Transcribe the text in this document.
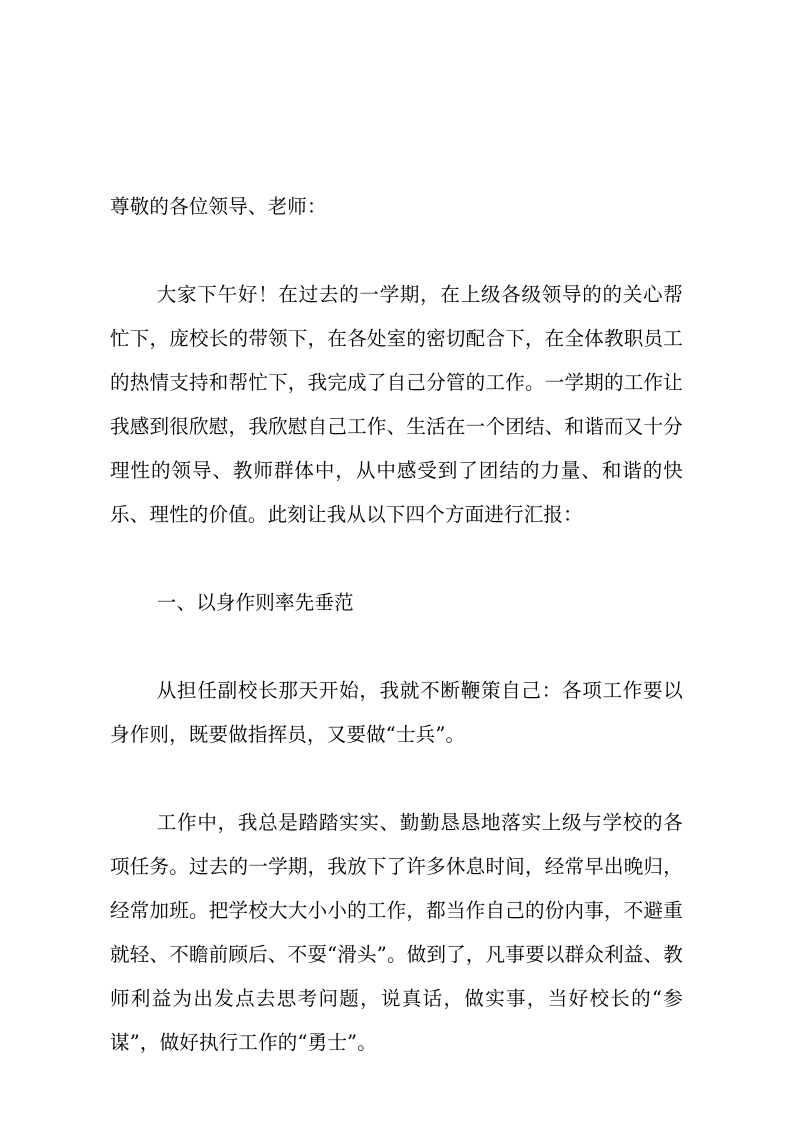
尊敬的各位领导、老师：

大家下午好！在过去的一学期，在上级各级领导的的关心帮忙下，庞校长的带领下，在各处室的密切配合下，在全体教职员工的热情支持和帮忙下，我完成了自己分管的工作。一学期的工作让我感到很欣慰，我欣慰自己工作、生活在一个团结、和谐而又十分理性的领导、教师群体中，从中感受到了团结的力量、和谐的快乐、理性的价值。此刻让我从以下四个方面进行汇报：

一、以身作则率先垂范

从担任副校长那天开始，我就不断鞭策自己：各项工作要以身作则，既要做指挥员，又要做“士兵”。

工作中，我总是踏踏实实、勤勤恳恳地落实上级与学校的各项任务。过去的一学期，我放下了许多休息时间，经常早出晚归，经常加班。把学校大大小小的工作，都当作自己的份内事，不避重就轻、不瞻前顾后、不耍“滑头”。做到了，凡事要以群众利益、教师利益为出发点去思考问题，说真话，做实事，当好校长的“参谋”，做好执行工作的“勇士”。
